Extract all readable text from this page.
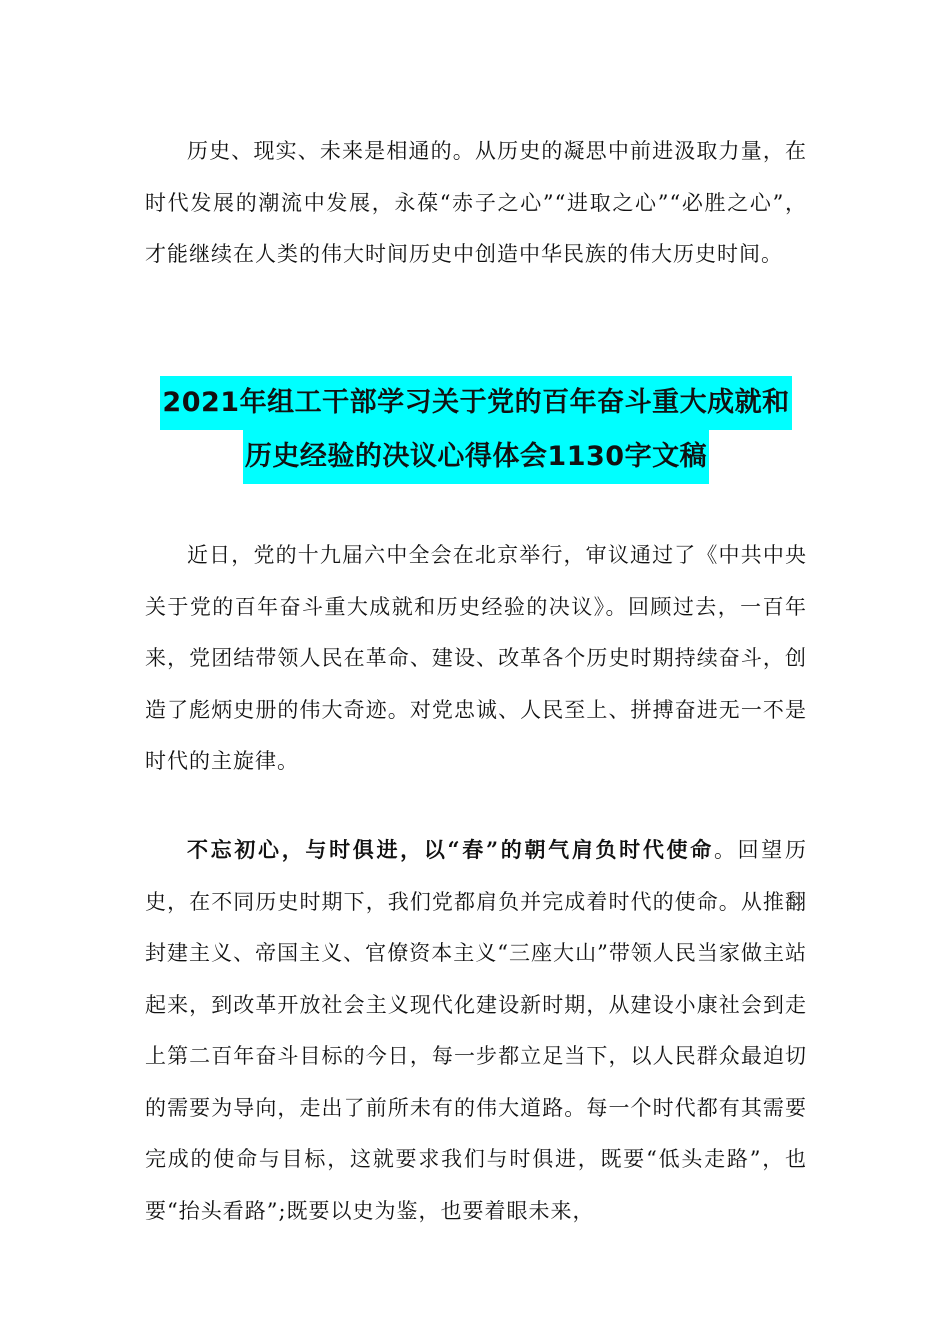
历史、现实、未来是相通的。从历史的凝思中前进汲取力量，在时代发展的潮流中发展，永葆“赤子之心”“进取之心”“必胜之心”，才能继续在人类的伟大时间历史中创造中华民族的伟大历史时间。

2021年组工干部学习关于党的百年奋斗重大成就和
历史经验的决议心得体会1130字文稿

近日，党的十九届六中全会在北京举行，审议通过了《中共中央关于党的百年奋斗重大成就和历史经验的决议》。回顾过去，一百年来，党团结带领人民在革命、建设、改革各个历史时期持续奋斗，创造了彪炳史册的伟大奇迹。对党忠诚、人民至上、拼搏奋进无一不是时代的主旋律。

不忘初心，与时俱进，以“春”的朝气肩负时代使命。回望历史，在不同历史时期下，我们党都肩负并完成着时代的使命。从推翻封建主义、帝国主义、官僚资本主义“三座大山”带领人民当家做主站起来，到改革开放社会主义现代化建设新时期，从建设小康社会到走上第二百年奋斗目标的今日，每一步都立足当下，以人民群众最迫切的需要为导向，走出了前所未有的伟大道路。每一个时代都有其需要完成的使命与目标，这就要求我们与时俱进，既要“低头走路”，也要“抬头看路”;既要以史为鉴，也要着眼未来，
